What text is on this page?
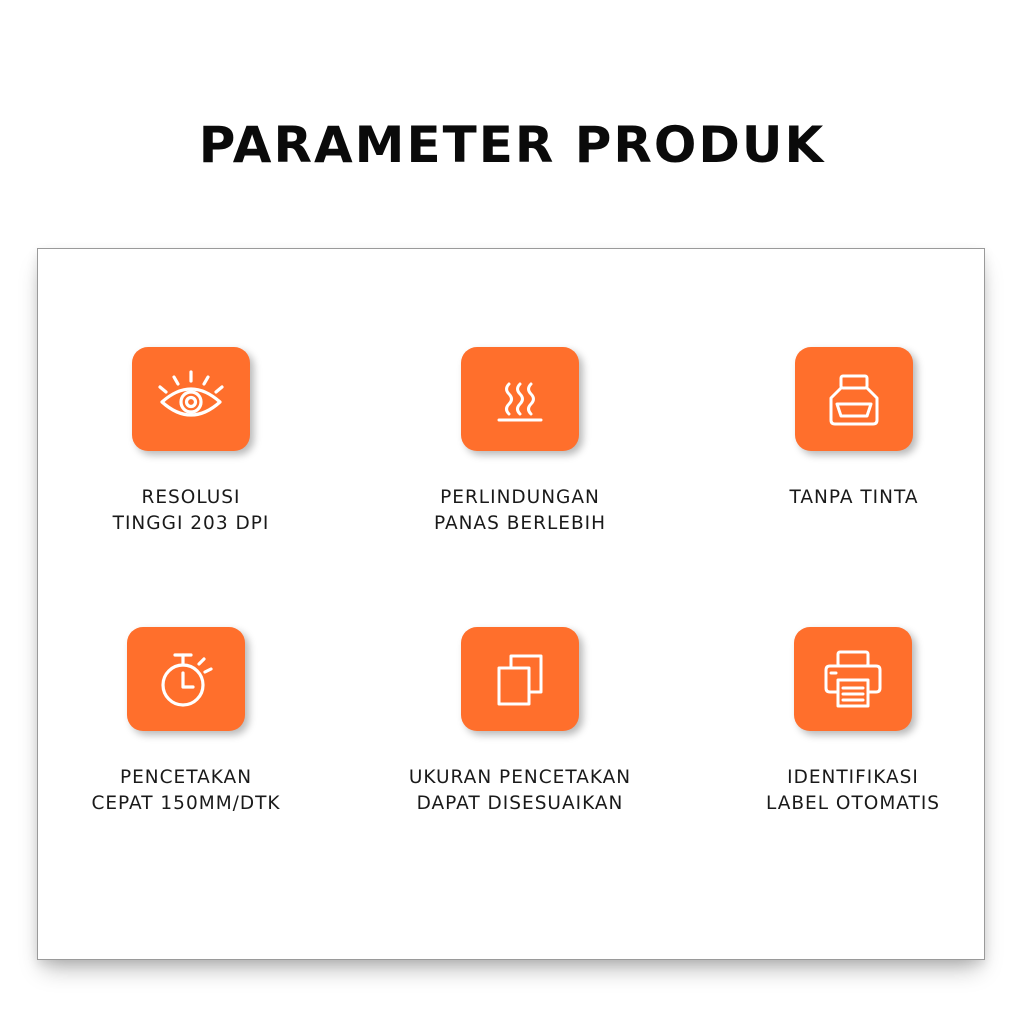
PARAMETER PRODUK
RESOLUSI
TINGGI 203 DPI
PERLINDUNGAN
PANAS BERLEBIH
TANPA TINTA
PENCETAKAN
CEPAT 150MM/DTK
UKURAN PENCETAKAN
DAPAT DISESUAIKAN
IDENTIFIKASI
LABEL OTOMATIS
